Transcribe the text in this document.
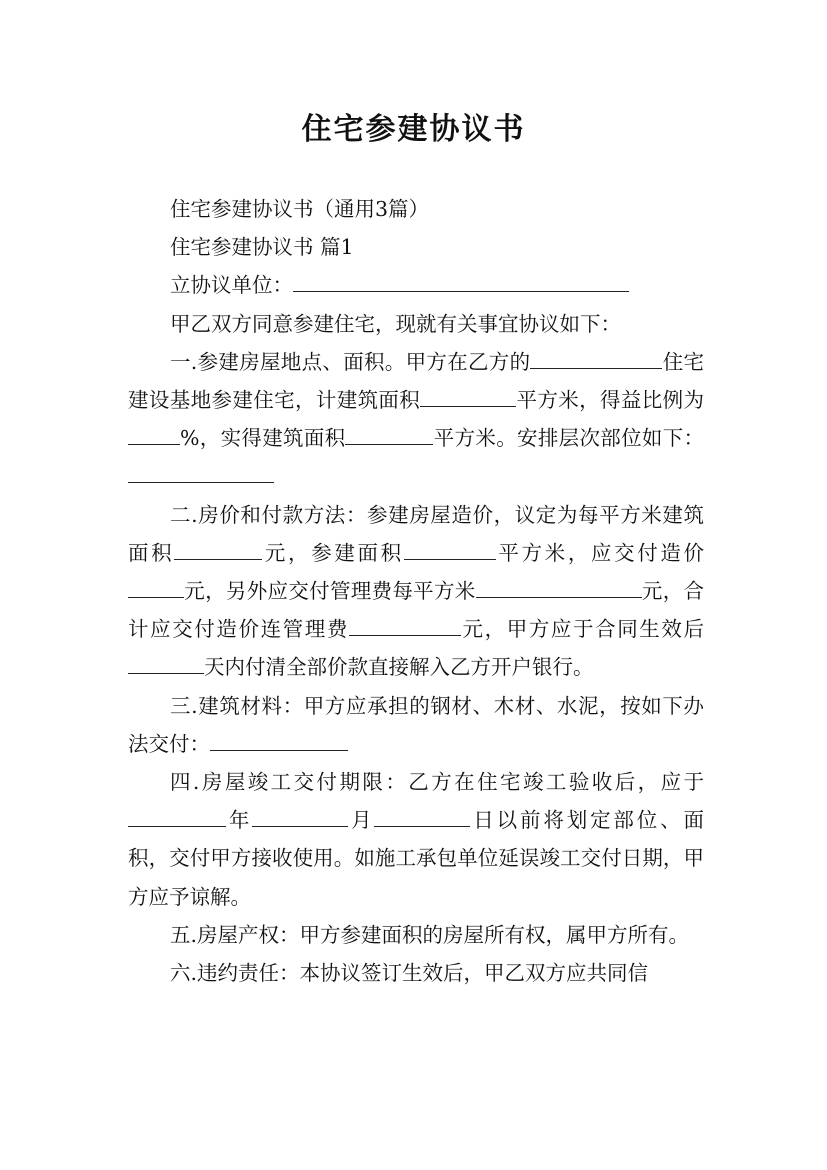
住宅参建协议书

住宅参建协议书（通用3篇）

住宅参建协议书 篇1

立协议单位：

甲乙双方同意参建住宅，现就有关事宜协议如下：

一.参建房屋地点、面积。甲方在乙方的	住宅建设基地参建住宅，计建筑面积	平方米，得益比例为%，实得建筑面积	平方米。安排层次部位如下：

二.房价和付款方法：参建房屋造价，议定为每平方米建筑面积	元，参建面积	平方米，应交付造价元，另外应交付管理费每平方米	元，合计应交付造价连管理费	元，甲方应于合同生效后天内付清全部价款直接解入乙方开户银行。

三.建筑材料：甲方应承担的钢材、木材、水泥，按如下办法交付：

四.房屋竣工交付期限：乙方在住宅竣工验收后，应于年	月	日以前将划定部位、面积，交付甲方接收使用。如施工承包单位延误竣工交付日期，甲方应予谅解。

五.房屋产权：甲方参建面积的房屋所有权，属甲方所有。

六.违约责任：本协议签订生效后，甲乙双方应共同信
